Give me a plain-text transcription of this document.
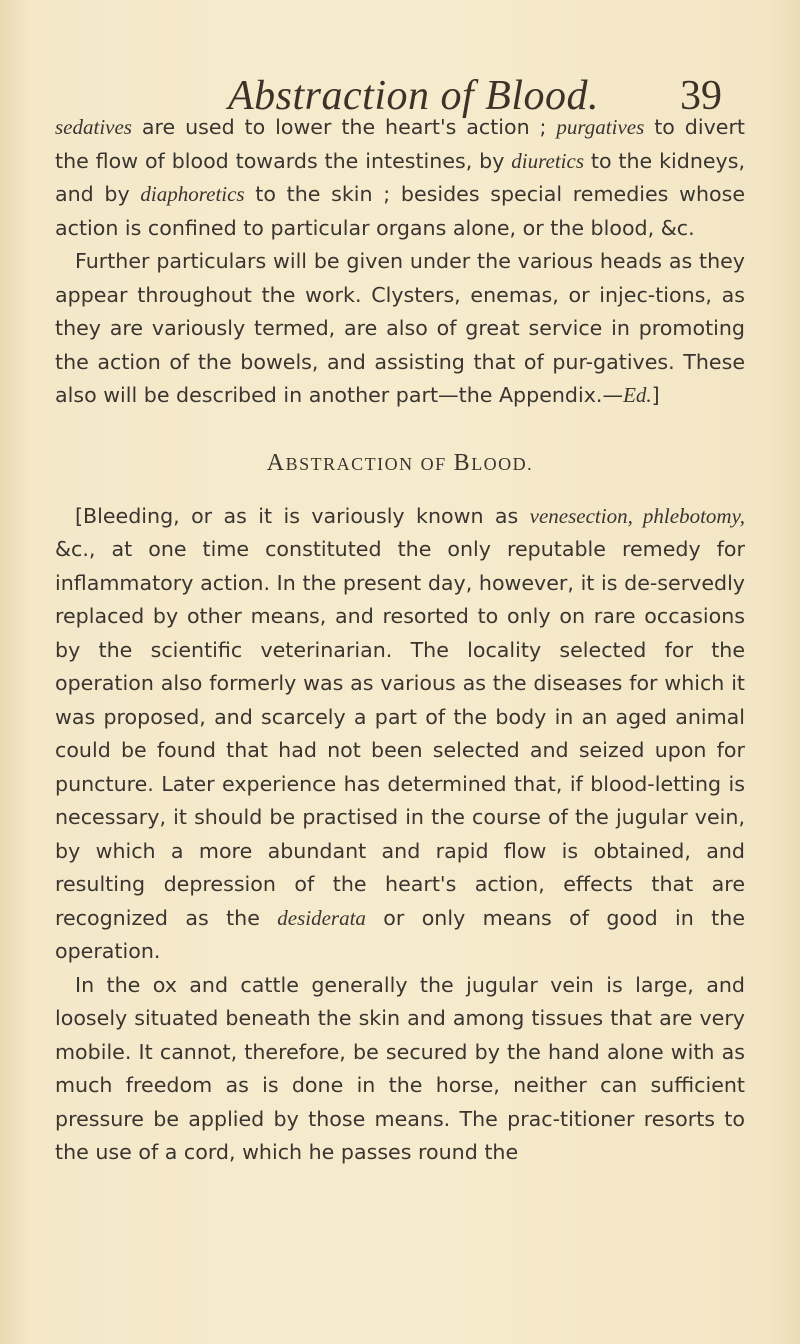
Abstraction of Blood. 39

sedatives are used to lower the heart's action ; purgatives to divert the flow of blood towards the intestines, by diuretics to the kidneys, and by diaphoretics to the skin ; besides special remedies whose action is confined to particular organs alone, or the blood, &c.

Further particulars will be given under the various heads as they appear throughout the work. Clysters, enemas, or injec-tions, as they are variously termed, are also of great service in promoting the action of the bowels, and assisting that of pur-gatives. These also will be described in another part—the Appendix.—Ed.]

ABSTRACTION OF BLOOD.

[Bleeding, or as it is variously known as venesection, phlebotomy, &c., at one time constituted the only reputable remedy for inflammatory action. In the present day, however, it is de-servedly replaced by other means, and resorted to only on rare occasions by the scientific veterinarian. The locality selected for the operation also formerly was as various as the diseases for which it was proposed, and scarcely a part of the body in an aged animal could be found that had not been selected and seized upon for puncture. Later experience has determined that, if blood-letting is necessary, it should be practised in the course of the jugular vein, by which a more abundant and rapid flow is obtained, and resulting depression of the heart's action, effects that are recognized as the desiderata or only means of good in the operation.

In the ox and cattle generally the jugular vein is large, and loosely situated beneath the skin and among tissues that are very mobile. It cannot, therefore, be secured by the hand alone with as much freedom as is done in the horse, neither can sufficient pressure be applied by those means. The prac-titioner resorts to the use of a cord, which he passes round the
